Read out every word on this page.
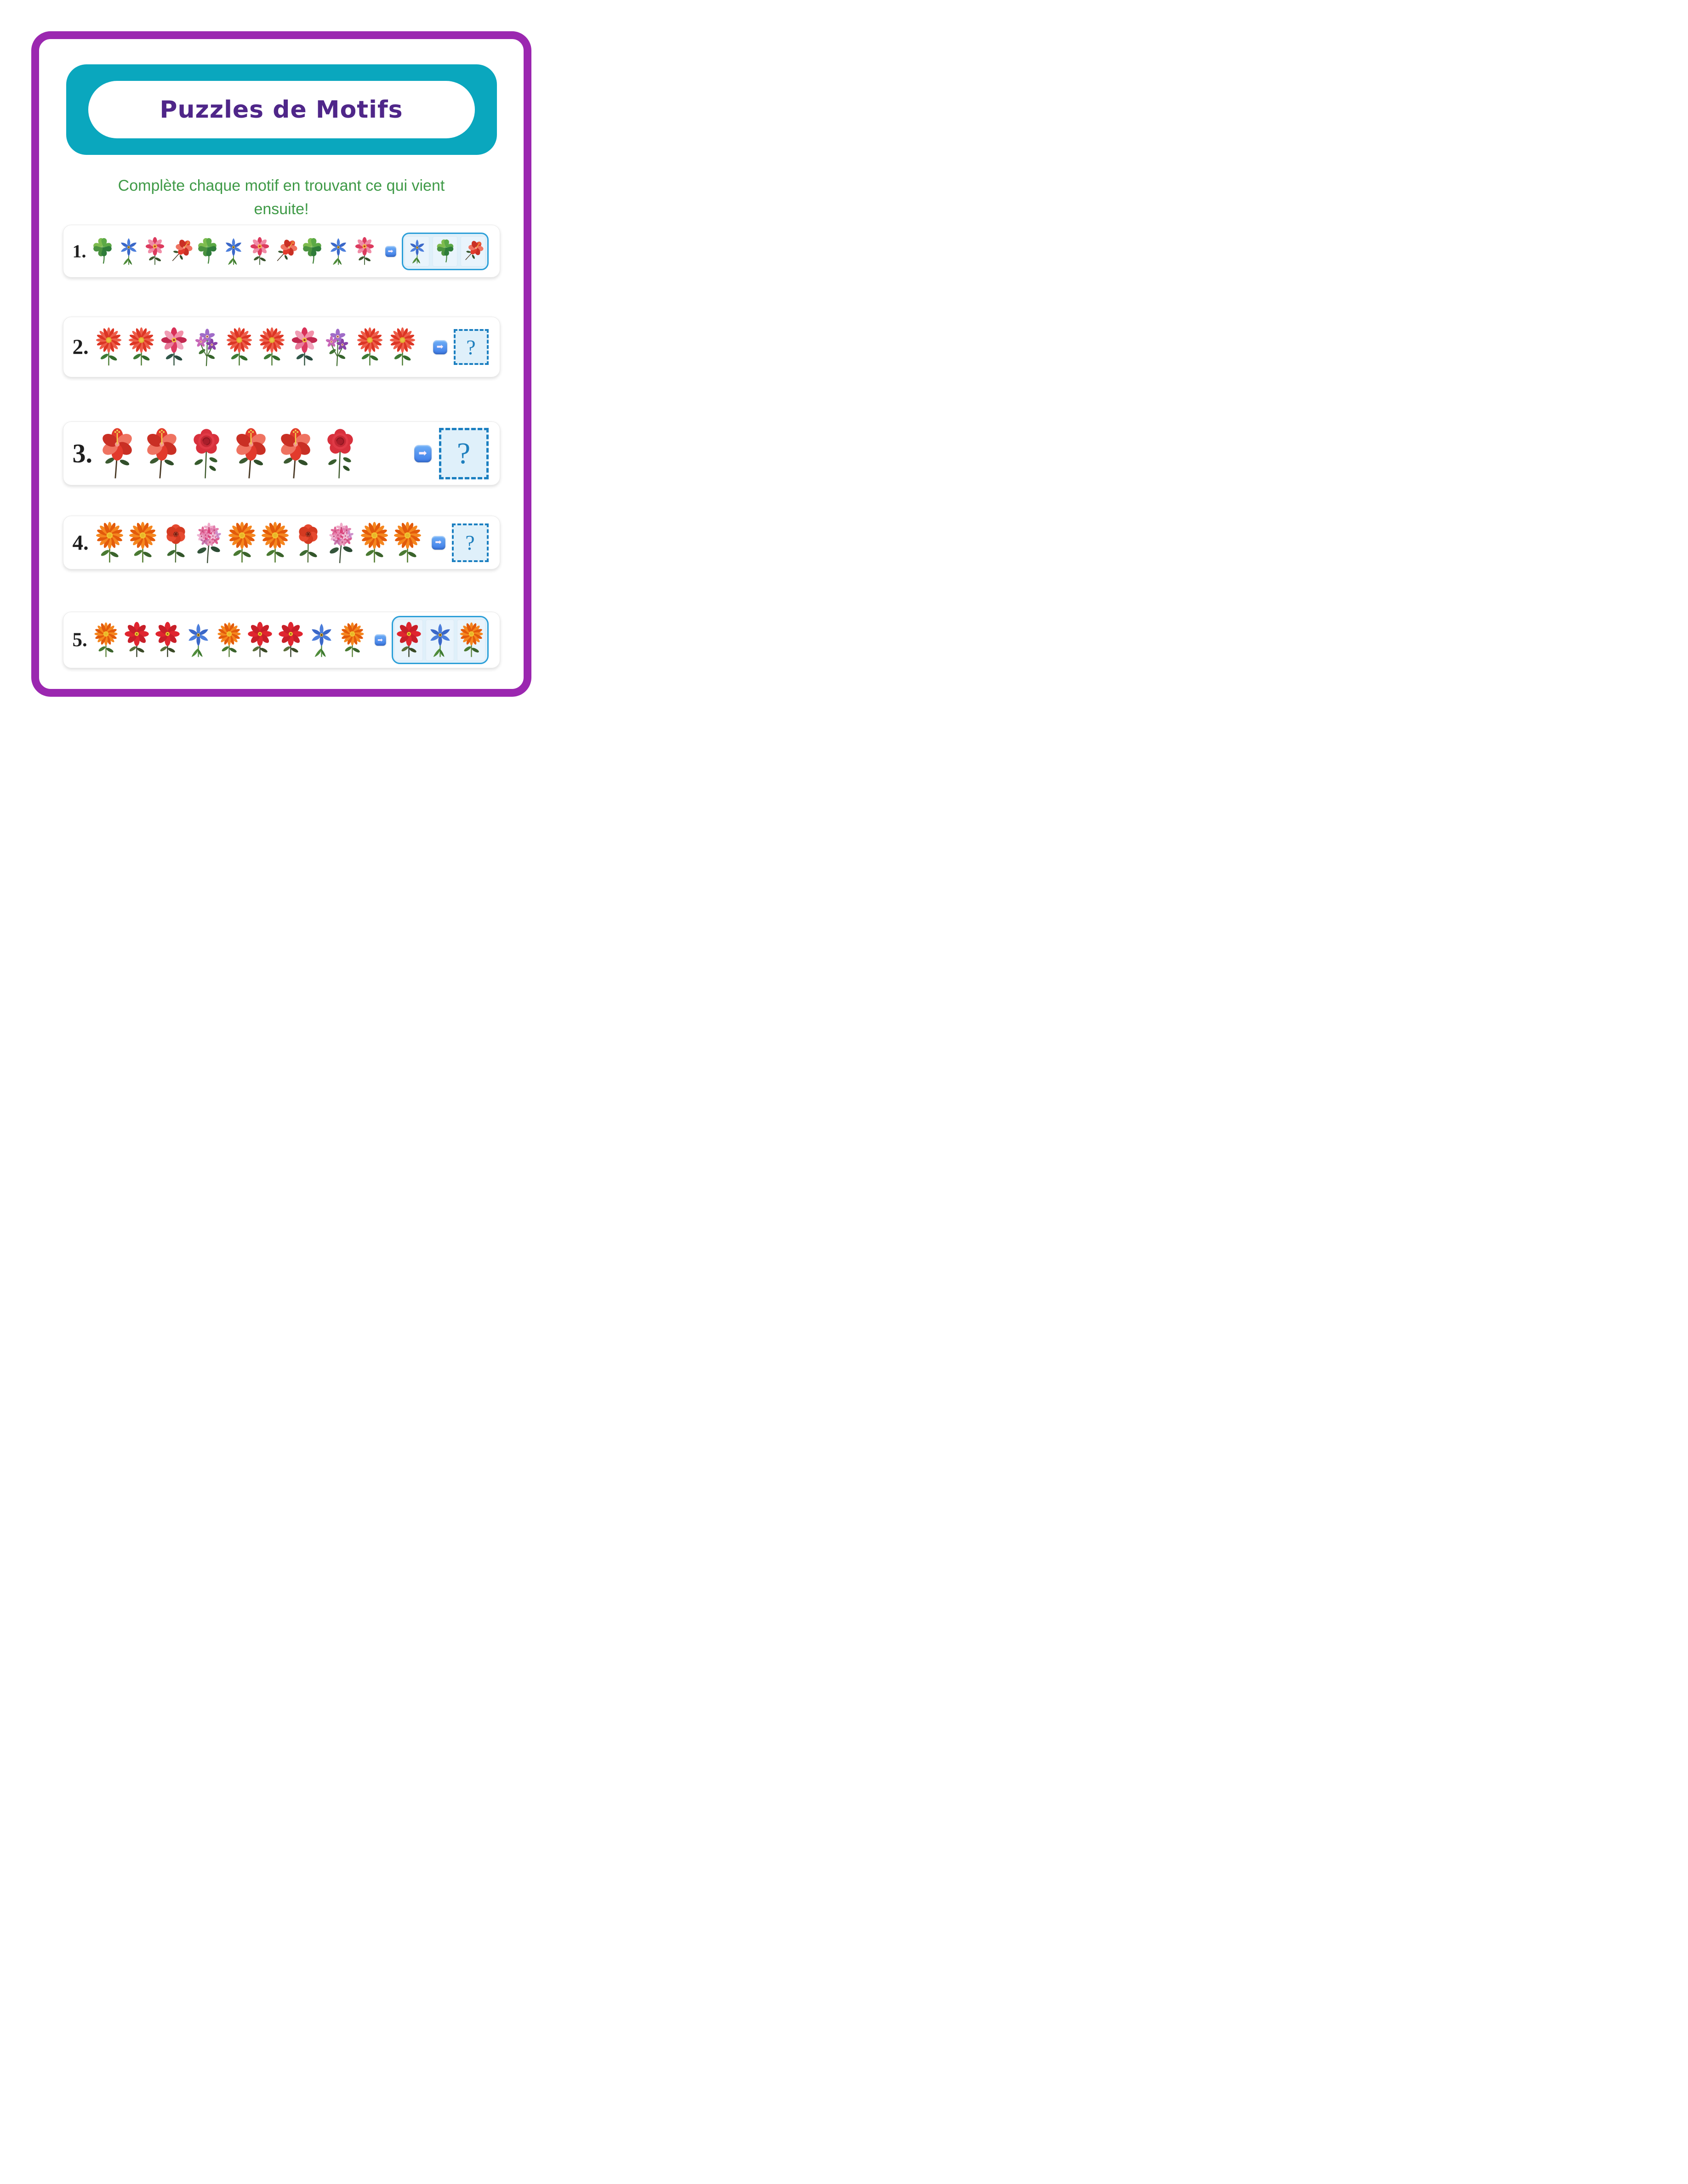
Puzzles de Motifs
Complète chaque motif en trouvant ce qui vient
ensuite!
1.	➡
2.	➡ ?
3.	➡ ?
4.	➡ ?
5.	➡
